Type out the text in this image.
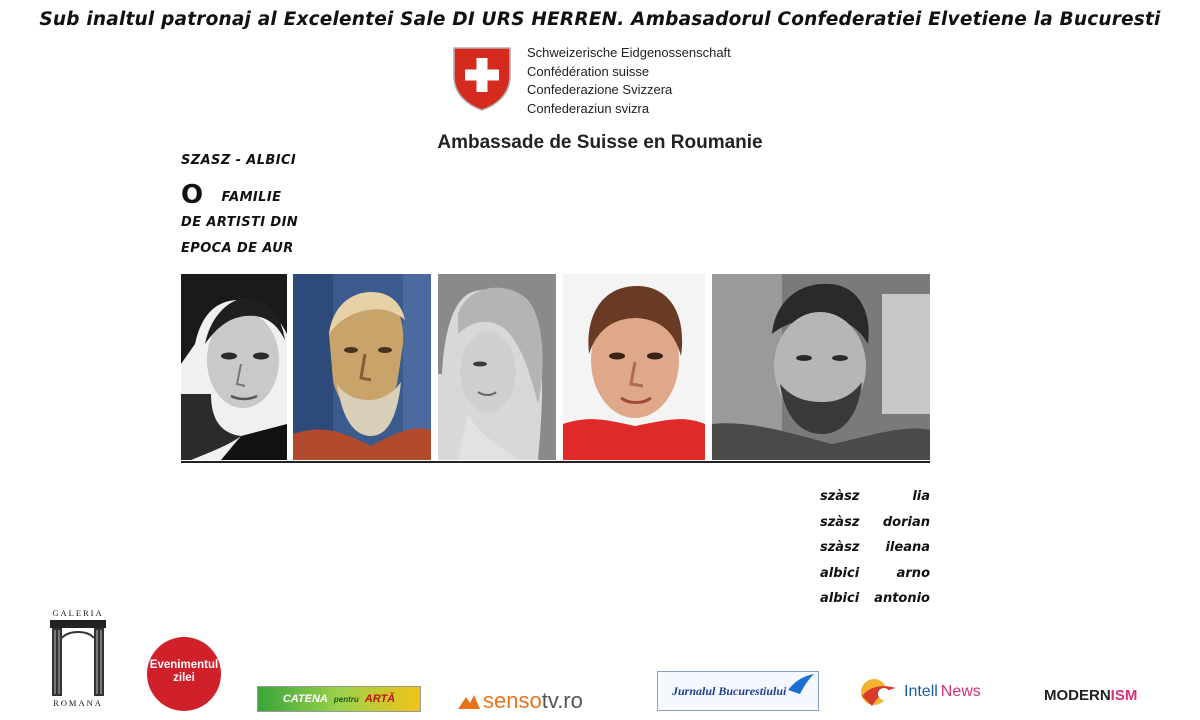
Sub inaltul patronaj al Excelentei Sale DI URS HERREN. Ambasadorul Confederatiei Elvetiene la Bucuresti
Schweizerische Eidgenossenschaft
Confédération suisse
Confederazione Svizzera
Confederaziun svizra
Ambassade de Suisse en Roumanie
SZASZ - ALBICI
O FAMILIE
DE ARTISTI DIN
EPOCA DE AUR
szàsz	lia
szàsz dorian
szàsz ileana
albici	arno
albici antonio
GALERIA
ROMANA
Evenimentul
zilei
CATENA pentru ARTĂ	senso tv.ro	Jurnalul Bucurestiului	Intell News	MODERN ISM
